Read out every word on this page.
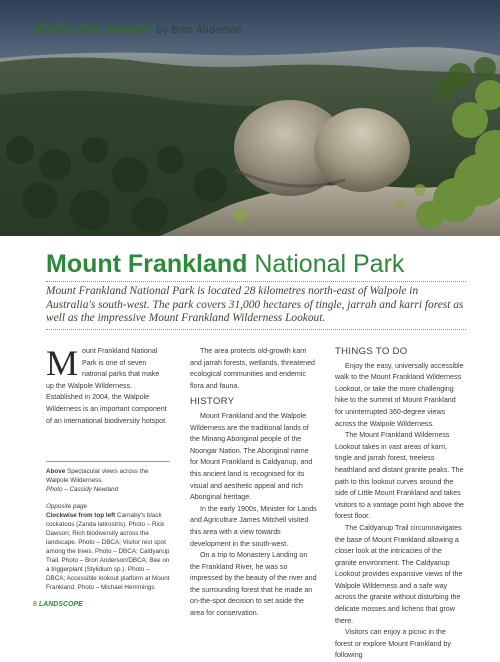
Parks for people by Bron Anderson
Mount Frankland National Park
Mount Frankland National Park is located 28 kilometres north-east of Walpole in Australia's south-west. The park covers 31,000 hectares of tingle, jarrah and karri forest as well as the impressive Mount Frankland Wilderness Lookout.
M ount Frankland National Park is one of seven national parks that make up the Walpole Wilderness. Established in 2004, the Walpole Wilderness is an important component of an international biodiversity hotspot.

Above Spectacular views across the Walpole Wilderness.
Photo – Cassidy Newland

Opposite page
Clockwise from top left Carnaby's black cockatoos (Zanda latirostris). Photo – Rick Dawson; Rich biodiversity across the landscape. Photo – DBCA; Visitor rest spot among the trees. Photo – DBCA; Caldyanup Trail. Photo – Bron Anderson/DBCA; Bee on a triggerplant (Stylidium sp.). Photo – DBCA; Accessible lookout platform at Mount Frankland. Photo – Michael Hemmings

The area protects old-growth karri and jarrah forests, wetlands, threatened ecological communities and endemic flora and fauna.

HISTORY

Mount Frankland and the Walpole Wilderness are the traditional lands of the Minang Aboriginal people of the Noongar Nation. The Aboriginal name for Mount Frankland is Caldyanup, and this ancient land is recognised for its visual and aesthetic appeal and rich Aboriginal heritage.

In the early 1900s, Minister for Lands and Agriculture James Mitchell visited this area with a view towards development in the south-west.

On a trip to Monastery Landing on the Frankland River, he was so impressed by the beauty of the river and the surrounding forest that he made an on-the-spot decision to set aside the area for conservation.

THINGS TO DO

Enjoy the easy, universally accessible walk to the Mount Frankland Wilderness Lookout, or take the more challenging hike to the summit of Mount Frankland for uninterrupted 360-degree views across the Walpole Wilderness.

The Mount Frankland Wilderness Lookout takes in vast areas of karri, tingle and jarrah forest, treeless heathland and distant granite peaks. The path to this lookout curves around the side of Little Mount Frankland and takes visitors to a vantage point high above the forest floor.

The Caldyanup Trail circumnavigates the base of Mount Frankland allowing a closer look at the intricacies of the granite environment. The Caldyanup Lookout provides expansive views of the Walpole Wilderness and a safe way across the granite without disturbing the delicate mosses and lichens that grow there.

Visitors can enjoy a picnic in the forest or explore Mount Frankland by following

8 LANDSCOPE
